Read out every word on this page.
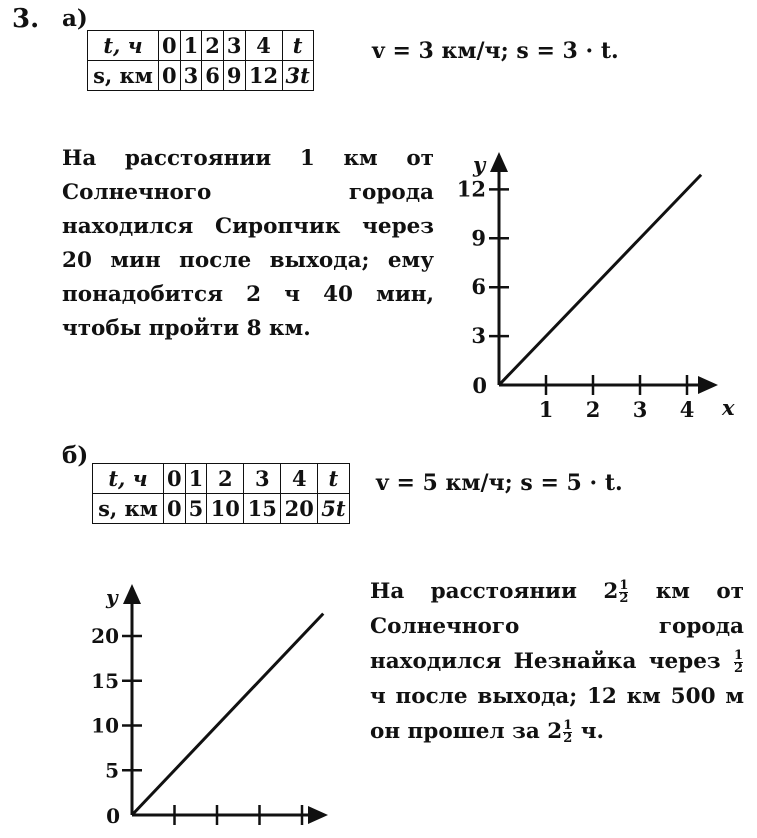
3. а)
t, ч	0	1	2	3	4	t
s, км	0	3	6	9	12	3t
v = 3 км/ч; s = 3 · t.
На расстоянии 1 км от Солнечного города находился Сиропчик через 20 мин после выхода; ему понадобится 2 ч 40 мин, чтобы пройти 8 км.
1 2 3 4
3
6
9
12
0
y
x
б)
t, ч	0	1	2	3	4	t
s, км	0	5	10	15	20	5t
v = 5 км/ч; s = 5 · t.
5
10
15
20
0
y	На расстоянии $2 \frac{1}{2}$ км от Солнечного города находился Незнайка через $\frac{1}{2}$
ч после выхода; 12 км 500 м он прошел за $2 \frac{1}{2} ч$.
